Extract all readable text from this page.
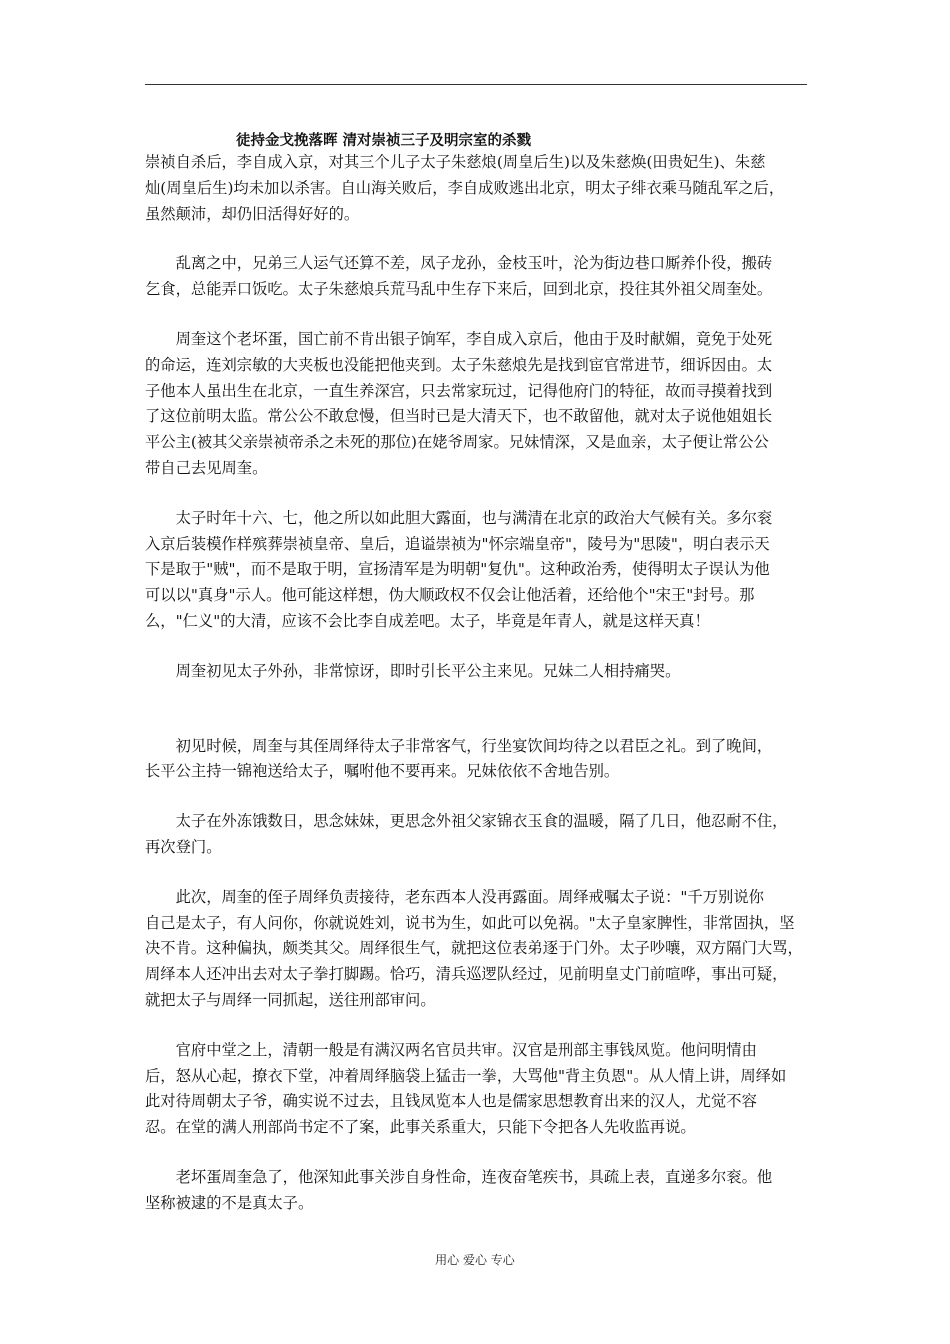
徒持金戈挽落晖 清对崇祯三子及明宗室的杀戮

崇祯自杀后，李自成入京，对其三个儿子太子朱慈烺(周皇后生)以及朱慈焕(田贵妃生)、朱慈
灿(周皇后生)均未加以杀害。自山海关败后，李自成败逃出北京，明太子绯衣乘马随乱军之后，
虽然颠沛，却仍旧活得好好的。

　　乱离之中，兄弟三人运气还算不差，凤子龙孙，金枝玉叶，沦为街边巷口厮养仆役，搬砖
乞食，总能弄口饭吃。太子朱慈烺兵荒马乱中生存下来后，回到北京，投往其外祖父周奎处。

　　周奎这个老坏蛋，国亡前不肯出银子饷军，李自成入京后，他由于及时献媚，竟免于处死
的命运，连刘宗敏的大夹板也没能把他夹到。太子朱慈烺先是找到宦官常进节，细诉因由。太
子他本人虽出生在北京，一直生养深宫，只去常家玩过，记得他府门的特征，故而寻摸着找到
了这位前明太监。常公公不敢怠慢，但当时已是大清天下，也不敢留他，就对太子说他姐姐长
平公主(被其父亲崇祯帝杀之未死的那位)在姥爷周家。兄妹情深，又是血亲，太子便让常公公
带自己去见周奎。

　　太子时年十六、七，他之所以如此胆大露面，也与满清在北京的政治大气候有关。多尔衮
入京后装模作样殡葬崇祯皇帝、皇后，追谥崇祯为"怀宗端皇帝"，陵号为"思陵"，明白表示天
下是取于"贼"，而不是取于明，宣扬清军是为明朝"复仇"。这种政治秀，使得明太子误认为他
可以以"真身"示人。他可能这样想，伪大顺政权不仅会让他活着，还给他个"宋王"封号。那
么，"仁义"的大清，应该不会比李自成差吧。太子，毕竟是年青人，就是这样天真！

　　周奎初见太子外孙，非常惊讶，即时引长平公主来见。兄妹二人相持痛哭。

　　初见时候，周奎与其侄周绎待太子非常客气，行坐宴饮间均待之以君臣之礼。到了晚间，
长平公主持一锦袍送给太子，嘱咐他不要再来。兄妹依依不舍地告别。

　　太子在外冻饿数日，思念妹妹，更思念外祖父家锦衣玉食的温暖，隔了几日，他忍耐不住，
再次登门。

　　此次，周奎的侄子周绎负责接待，老东西本人没再露面。周绎戒嘱太子说："千万别说你
自己是太子，有人问你，你就说姓刘，说书为生，如此可以免祸。"太子皇家脾性，非常固执，坚
决不肯。这种偏执，颇类其父。周绎很生气，就把这位表弟逐于门外。太子吵嚷，双方隔门大骂，
周绎本人还冲出去对太子拳打脚踢。恰巧，清兵巡逻队经过，见前明皇丈门前喧哗，事出可疑，
就把太子与周绎一同抓起，送往刑部审问。

　　官府中堂之上，清朝一般是有满汉两名官员共审。汉官是刑部主事钱凤览。他问明情由
后，怒从心起，撩衣下堂，冲着周绎脑袋上猛击一拳，大骂他"背主负恩"。从人情上讲，周绎如
此对待周朝太子爷，确实说不过去，且钱凤览本人也是儒家思想教育出来的汉人，尤觉不容
忍。在堂的满人刑部尚书定不了案，此事关系重大，只能下令把各人先收监再说。

　　老坏蛋周奎急了，他深知此事关涉自身性命，连夜奋笔疾书，具疏上表，直递多尔衮。他
坚称被逮的不是真太子。

用心 爱心 专心
